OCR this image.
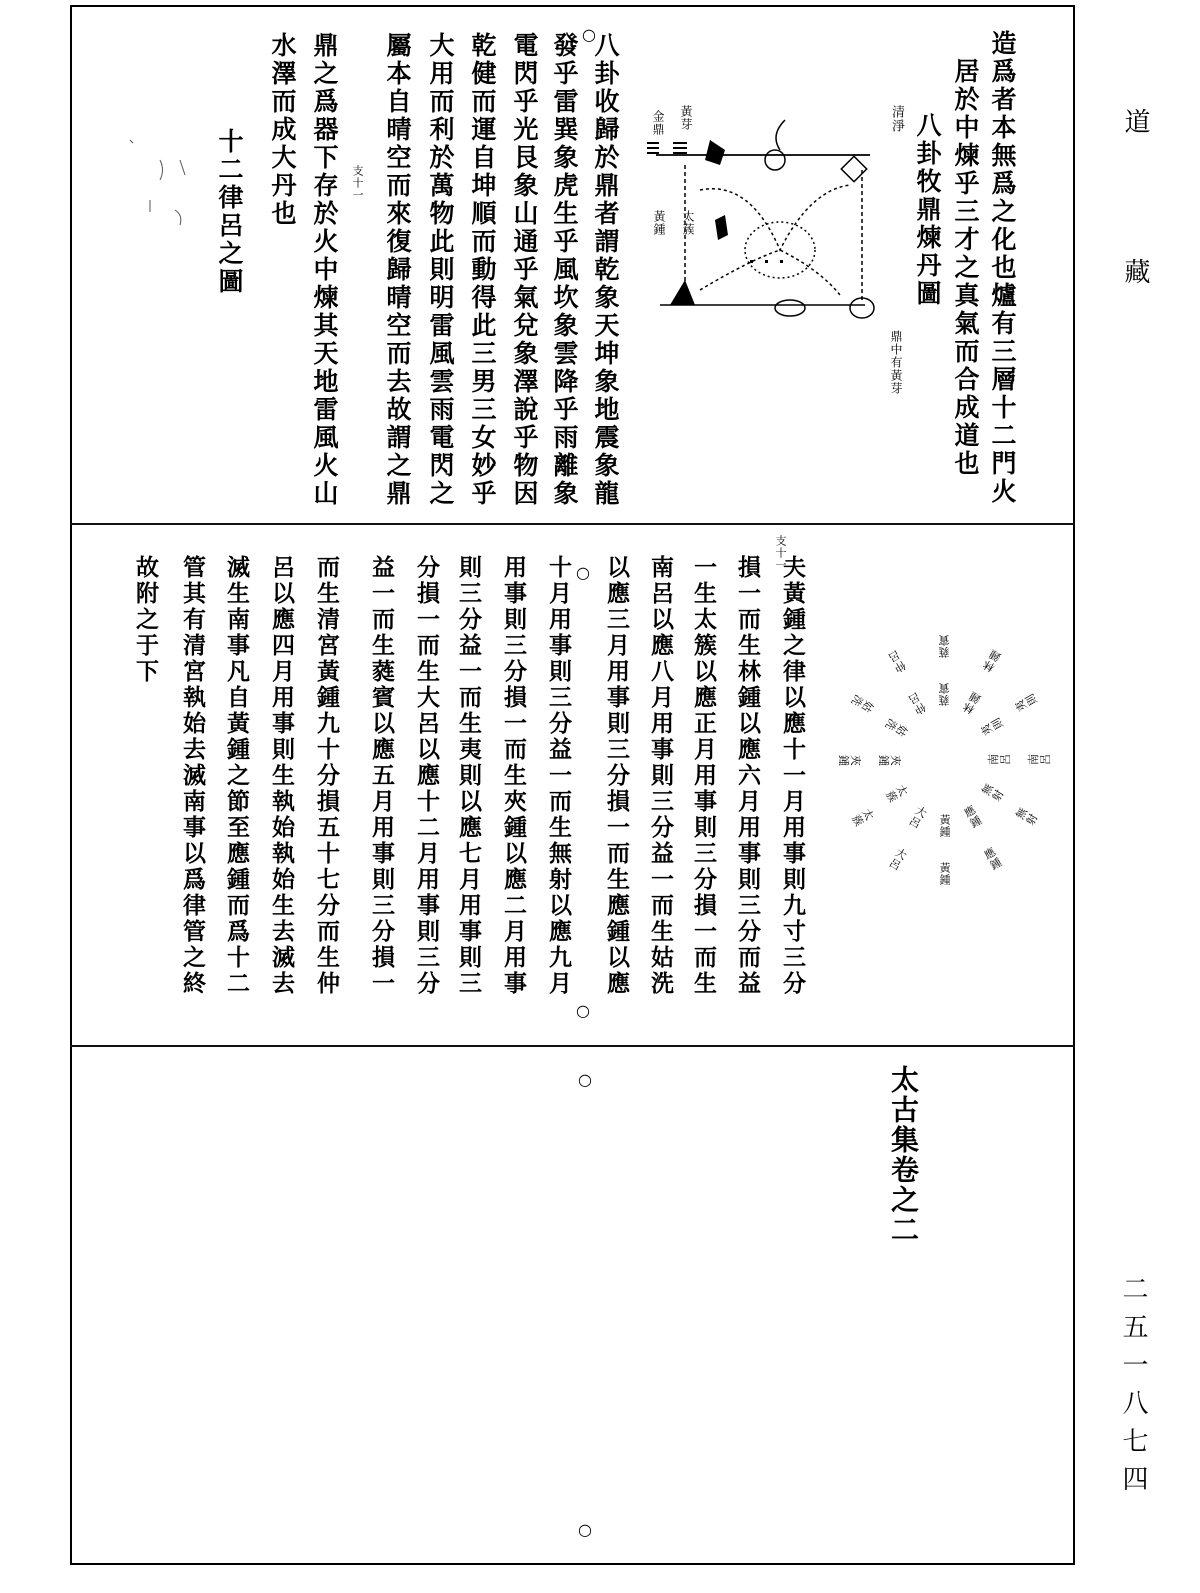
道
藏
二五一八七四
造爲者本無爲之化也爐有三層十二門火
居於中煉乎三才之真氣而合成道也
八卦牧鼎煉丹圖
清淨
鼎中有黃芽
黃芽
金鼎
太蔟
黃鍾
○
八卦收歸於鼎者謂乾象天坤象地震象龍
發乎雷巽象虎生乎風坎象雲降乎雨離象
電閃乎光艮象山通乎氣兌象澤說乎物因
乾健而運自坤順而動得此三男三女妙乎
大用而利於萬物此則明雷風雲雨電閃之
屬本自晴空而來復歸晴空而去故謂之鼎
支十一
鼎之爲器下存於火中煉其天地雷風火山
水澤而成大丹也
十二律呂之圖
支十一
○
○
夫黃鍾之律以應十一月用事則九寸三分
損一而生林鍾以應六月用事則三分而益
一生太簇以應正月用事則三分損一而生
南呂以應八月用事則三分益一而生姑洗
以應三月用事則三分損一而生應鍾以應
十月用事則三分益一而生無射以應九月
用事則三分損一而生夾鍾以應二月用事
則三分益一而生夷則以應七月用事則三
分損一而生大呂以應十二月用事則三分
益一而生蕤賓以應五月用事則三分損一
而生清宮黃鍾九十分損五十七分而生仲
呂以應四月用事則生執始執始生去滅去
滅生南事凡自黃鍾之節至應鍾而爲十二
管其有清宮執始去滅南事以爲律管之終
故附之于下
黃鍾
黃鍾
大呂
大呂
太蔟
太蔟
夾鍾
夾鍾
姑洗
姑洗	仲呂
仲呂
蕤賓
蕤賓
林鍾
林鍾
夷則
夷則
南呂 南呂
無射
無射
應鍾
應鍾
○	太古集卷之二
○
